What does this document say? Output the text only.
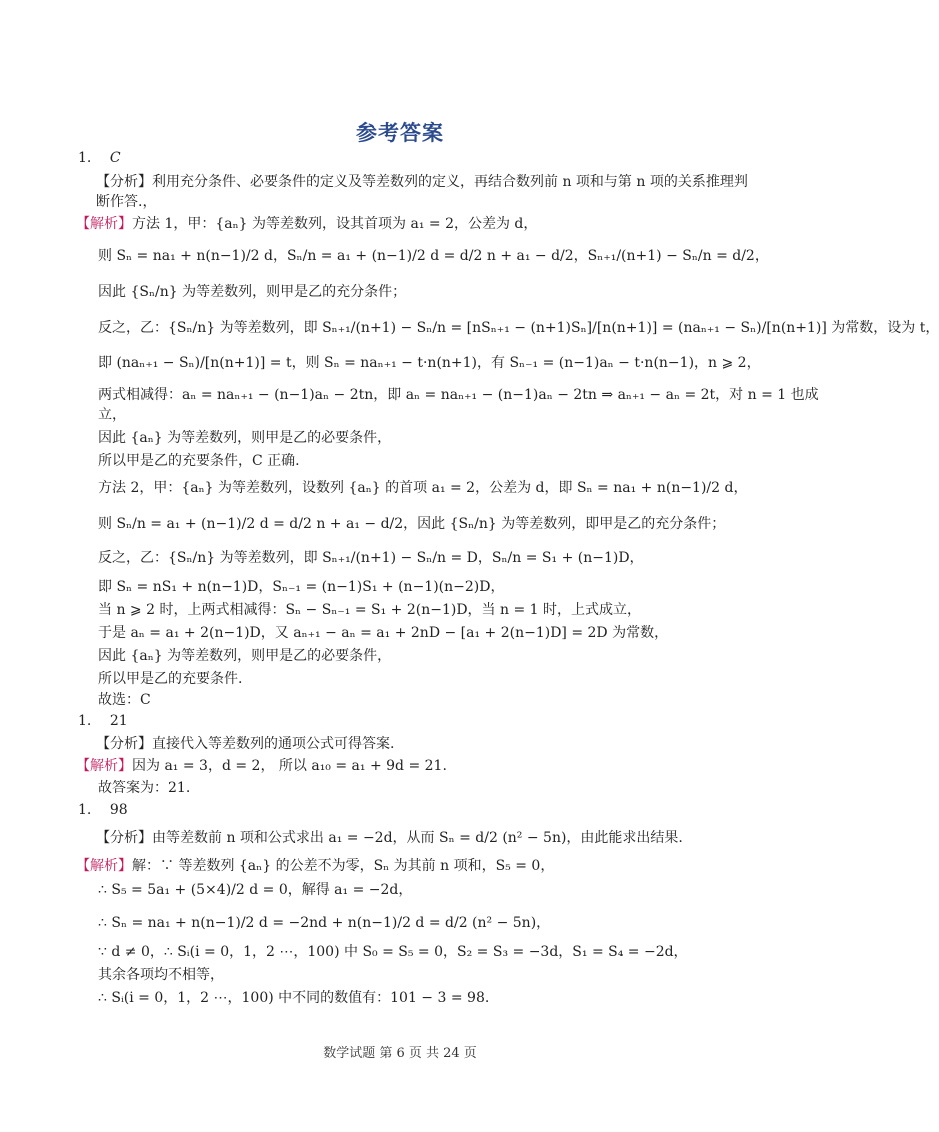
参考答案
1. C
【分析】利用充分条件、必要条件的定义及等差数列的定义，再结合数列前 n 项和与第 n 项的关系推理判
断作答.，
【解析】 方法 1，甲：{aₙ} 为等差数列，设其首项为 a₁ = 2，公差为 d，
则 Sₙ = na₁ + n(n−1)/2 d，Sₙ/n = a₁ + (n−1)/2 d = d/2 n + a₁ − d/2，Sₙ₊₁/(n+1) − Sₙ/n = d/2，
因此 {Sₙ/n} 为等差数列，则甲是乙的充分条件；
反之，乙：{Sₙ/n} 为等差数列，即 Sₙ₊₁/(n+1) − Sₙ/n = [nSₙ₊₁ − (n+1)Sₙ]/[n(n+1)] = (naₙ₊₁ − Sₙ)/[n(n+1)] 为常数，设为 t，
即 (naₙ₊₁ − Sₙ)/[n(n+1)] = t，则 Sₙ = naₙ₊₁ − t·n(n+1)，有 Sₙ₋₁ = (n−1)aₙ − t·n(n−1)，n ⩾ 2，
两式相减得：aₙ = naₙ₊₁ − (n−1)aₙ − 2tn，即 aₙ = naₙ₊₁ − (n−1)aₙ − 2tn ⇒ aₙ₊₁ − aₙ = 2t，对 n = 1 也成
立，
因此 {aₙ} 为等差数列，则甲是乙的必要条件，
所以甲是乙的充要条件，C 正确.
方法 2，甲：{aₙ} 为等差数列，设数列 {aₙ} 的首项 a₁ = 2，公差为 d，即 Sₙ = na₁ + n(n−1)/2 d，
则 Sₙ/n = a₁ + (n−1)/2 d = d/2 n + a₁ − d/2，因此 {Sₙ/n} 为等差数列，即甲是乙的充分条件；
反之，乙：{Sₙ/n} 为等差数列，即 Sₙ₊₁/(n+1) − Sₙ/n = D，Sₙ/n = S₁ + (n−1)D，
即 Sₙ = nS₁ + n(n−1)D，Sₙ₋₁ = (n−1)S₁ + (n−1)(n−2)D，
当 n ⩾ 2 时，上两式相减得：Sₙ − Sₙ₋₁ = S₁ + 2(n−1)D，当 n = 1 时，上式成立，
于是 aₙ = a₁ + 2(n−1)D，又 aₙ₊₁ − aₙ = a₁ + 2nD − [a₁ + 2(n−1)D] = 2D 为常数，
因此 {aₙ} 为等差数列，则甲是乙的必要条件，
所以甲是乙的充要条件.
故选：C
1. 21
【分析】直接代入等差数列的通项公式可得答案.
【解析】 因为 a₁ = 3，d = 2， 所以 a₁₀ = a₁ + 9d = 21.
故答案为：21.
1. 98
【分析】由等差数前 n 项和公式求出 a₁ = −2d，从而 Sₙ = d/2 (n² − 5n)，由此能求出结果.
【解析】 解：∵ 等差数列 {aₙ} 的公差不为零，Sₙ 为其前 n 项和，S₅ = 0，
∴ S₅ = 5a₁ + (5×4)/2 d = 0，解得 a₁ = −2d，
∴ Sₙ = na₁ + n(n−1)/2 d = −2nd + n(n−1)/2 d = d/2 (n² − 5n)，
∵ d ≠ 0，∴ Sᵢ(i = 0，1，2 ⋯，100) 中 S₀ = S₅ = 0，S₂ = S₃ = −3d，S₁ = S₄ = −2d，
其余各项均不相等，
∴ Sᵢ(i = 0，1，2 ⋯，100) 中不同的数值有：101 − 3 = 98.
数学试题 第 6 页 共 24 页
